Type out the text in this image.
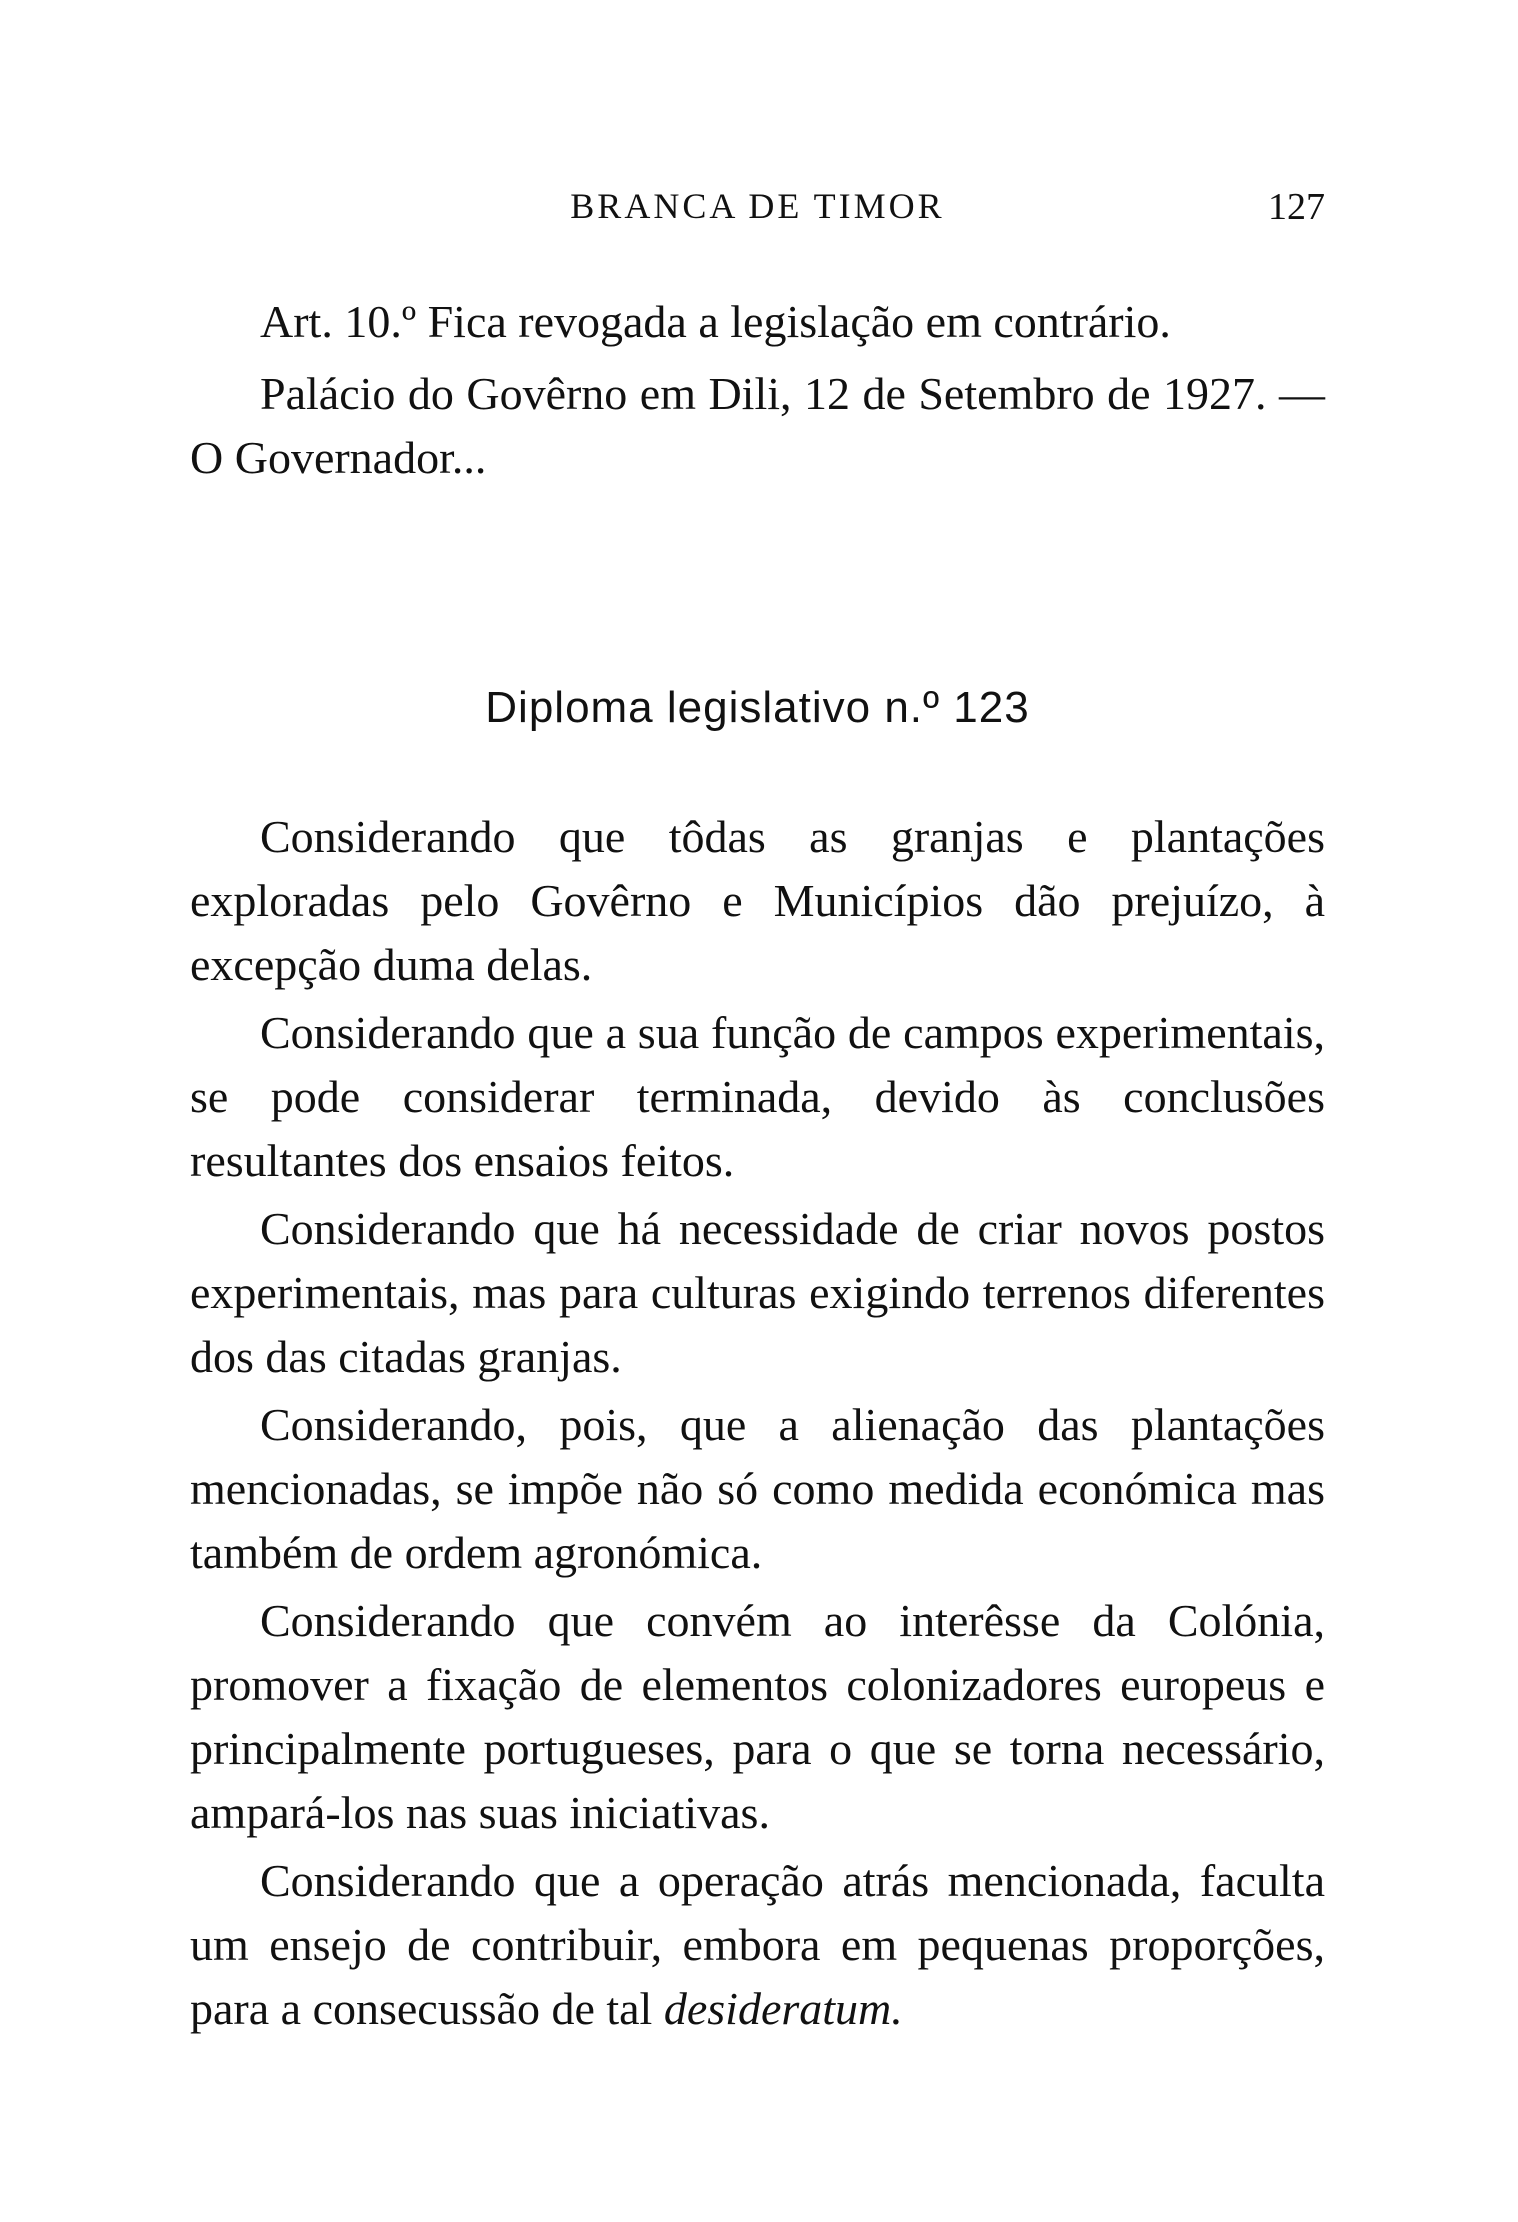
BRANCA DE TIMOR	127

Art. 10.º Fica revogada a legislação em contrário.

Palácio do Govêrno em Dili, 12 de Setembro de 1927. — O Governador...

Diploma legislativo n.º 123

Considerando que tôdas as granjas e plantações exploradas pelo Govêrno e Municípios dão prejuízo, à excepção duma delas.

Considerando que a sua função de campos experimentais, se pode considerar terminada, devido às conclusões resultantes dos ensaios feitos.

Considerando que há necessidade de criar novos postos experimentais, mas para culturas exigindo terrenos diferentes dos das citadas granjas.

Considerando, pois, que a alienação das plantações mencionadas, se impõe não só como medida económica mas também de ordem agronómica.

Considerando que convém ao interêsse da Colónia, promover a fixação de elementos colonizadores europeus e principalmente portugueses, para o que se torna necessário, ampará-los nas suas iniciativas.

Considerando que a operação atrás mencionada, faculta um ensejo de contribuir, embora em pequenas proporções, para a consecussão de tal desideratum.
